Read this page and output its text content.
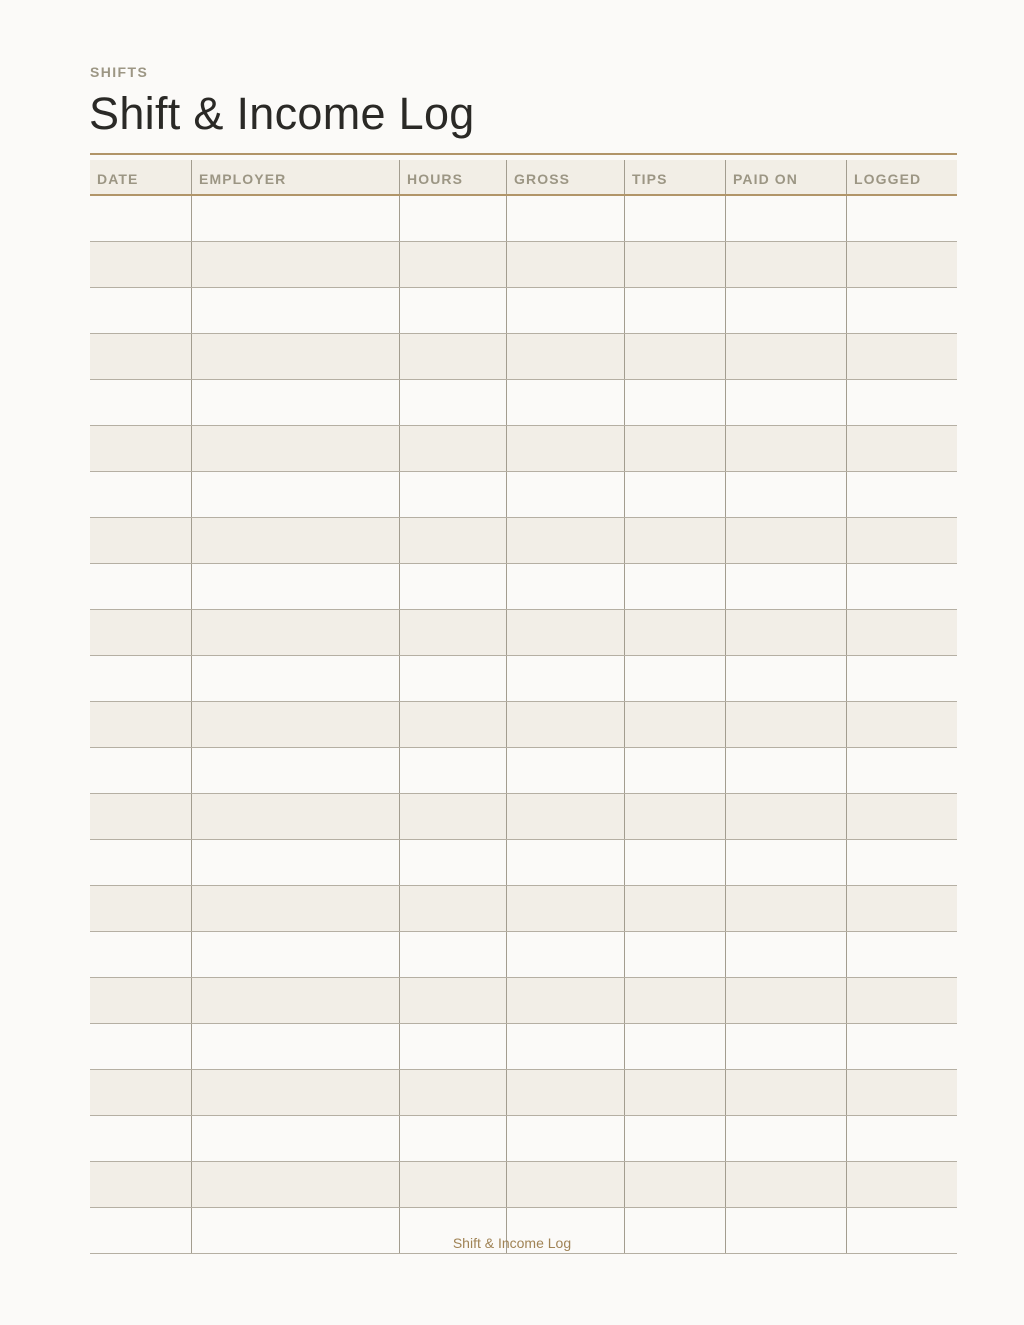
SHIFTS
Shift & Income Log
DATE	EMPLOYER	HOURS	GROSS	TIPS	PAID ON	LOGGED
Shift & Income Log
